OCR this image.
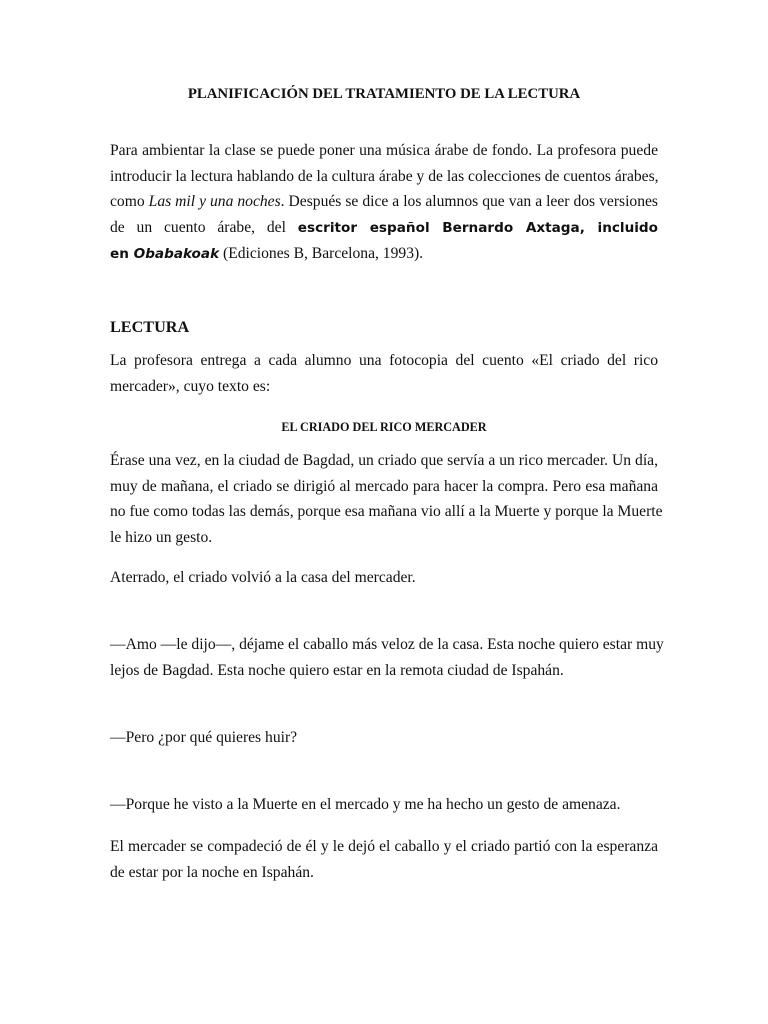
PLANIFICACIÓN DEL TRATAMIENTO DE LA LECTURA
Para ambientar la clase se puede poner una música árabe de fondo. La profesora puede
introducir la lectura hablando de la cultura árabe y de las colecciones de cuentos árabes,
como Las mil y una noches. Después se dice a los alumnos que van a leer dos versiones
de un cuento árabe, del escritor español Bernardo Axtaga, incluido
en Obabakoak (Ediciones B, Barcelona, 1993).
LECTURA
La profesora entrega a cada alumno una fotocopia del cuento «El criado del rico
mercader», cuyo texto es:
EL CRIADO DEL RICO MERCADER
Érase una vez, en la ciudad de Bagdad, un criado que servía a un rico mercader. Un día,
muy de mañana, el criado se dirigió al mercado para hacer la compra. Pero esa mañana
no fue como todas las demás, porque esa mañana vio allí a la Muerte y porque la Muerte
le hizo un gesto.
Aterrado, el criado volvió a la casa del mercader.
—Amo —le dijo—, déjame el caballo más veloz de la casa. Esta noche quiero estar muy
lejos de Bagdad. Esta noche quiero estar en la remota ciudad de Ispahán.
—Pero ¿por qué quieres huir?
—Porque he visto a la Muerte en el mercado y me ha hecho un gesto de amenaza.
El mercader se compadeció de él y le dejó el caballo y el criado partió con la esperanza
de estar por la noche en Ispahán.
